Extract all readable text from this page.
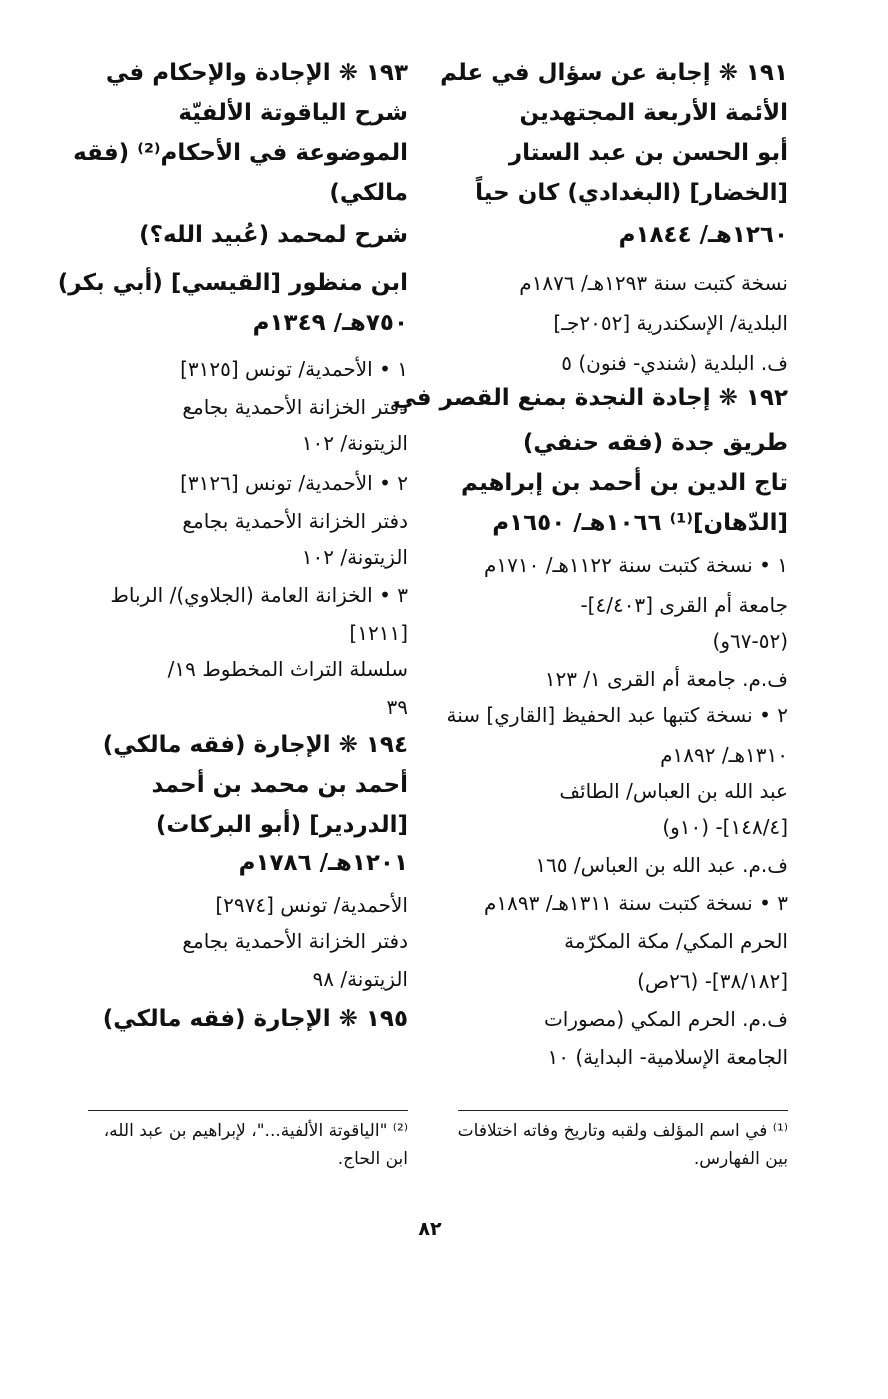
١٩١ ❋ إجابة عن سؤال في علم
الأئمة الأربعة المجتهدين
أبو الحسن بن عبد الستار
[الخضار] (البغدادي) كان حياً
١٢٦٠هـ/ ١٨٤٤م
نسخة كتبت سنة ١٢٩٣هـ/ ١٨٧٦م
البلدية/ الإسكندرية [٢٠٥٢جـ]
ف. البلدية (شندي- فنون) ٥
١٩٢ ❋ إجادة النجدة بمنع القصر في
طريق جدة (فقه حنفي)
تاج الدين بن أحمد بن إبراهيم
[الدّهان]⁽¹⁾ ١٠٦٦هـ/ ١٦٥٠م
١ • نسخة كتبت سنة ١١٢٢هـ/ ١٧١٠م
جامعة أم القرى [٤/٤٠٣]-
(٥٢-٦٧و)
ف.م. جامعة أم القرى ١/ ١٢٣
٢ • نسخة كتبها عبد الحفيظ [القاري] سنة
١٣١٠هـ/ ١٨٩٢م
عبد الله بن العباس/ الطائف
[١٤٨/٤]- (١٠و)
ف.م. عبد الله بن العباس/ ١٦٥
٣ • نسخة كتبت سنة ١٣١١هـ/ ١٨٩٣م
الحرم المكي/ مكة المكرّمة
[٣٨/١٨٢]- (٢٦ص)
ف.م. الحرم المكي (مصورات
الجامعة الإسلامية- البداية) ١٠
١٩٣ ❋ الإجادة والإحكام في
شرح الياقوتة الألفيّة
الموضوعة في الأحكام⁽²⁾ (فقه
مالكي)
شرح لمحمد (عُبيد الله؟)
ابن منظور [القيسي] (أبي بكر)
٧٥٠هـ/ ١٣٤٩م
١ • الأحمدية/ تونس [٣١٢٥]
دفتر الخزانة الأحمدية بجامع
الزيتونة/ ١٠٢
٢ • الأحمدية/ تونس [٣١٢٦]
دفتر الخزانة الأحمدية بجامع
الزيتونة/ ١٠٢
٣ • الخزانة العامة (الجلاوي)/ الرباط
[١٢١١]
سلسلة التراث المخطوط ١٩/
٣٩
١٩٤ ❋ الإجارة (فقه مالكي)
أحمد بن محمد بن أحمد
[الدردير] (أبو البركات)
١٢٠١هـ/ ١٧٨٦م
الأحمدية/ تونس [٢٩٧٤]
دفتر الخزانة الأحمدية بجامع
الزيتونة/ ٩٨
١٩٥ ❋ الإجارة (فقه مالكي)
⁽¹⁾ في اسم المؤلف ولقبه وتاريخ وفاته اختلافات
بين الفهارس.
⁽²⁾ "الياقوتة الألفية..."، لإبراهيم بن عبد الله،
ابن الحاج.
٨٢
